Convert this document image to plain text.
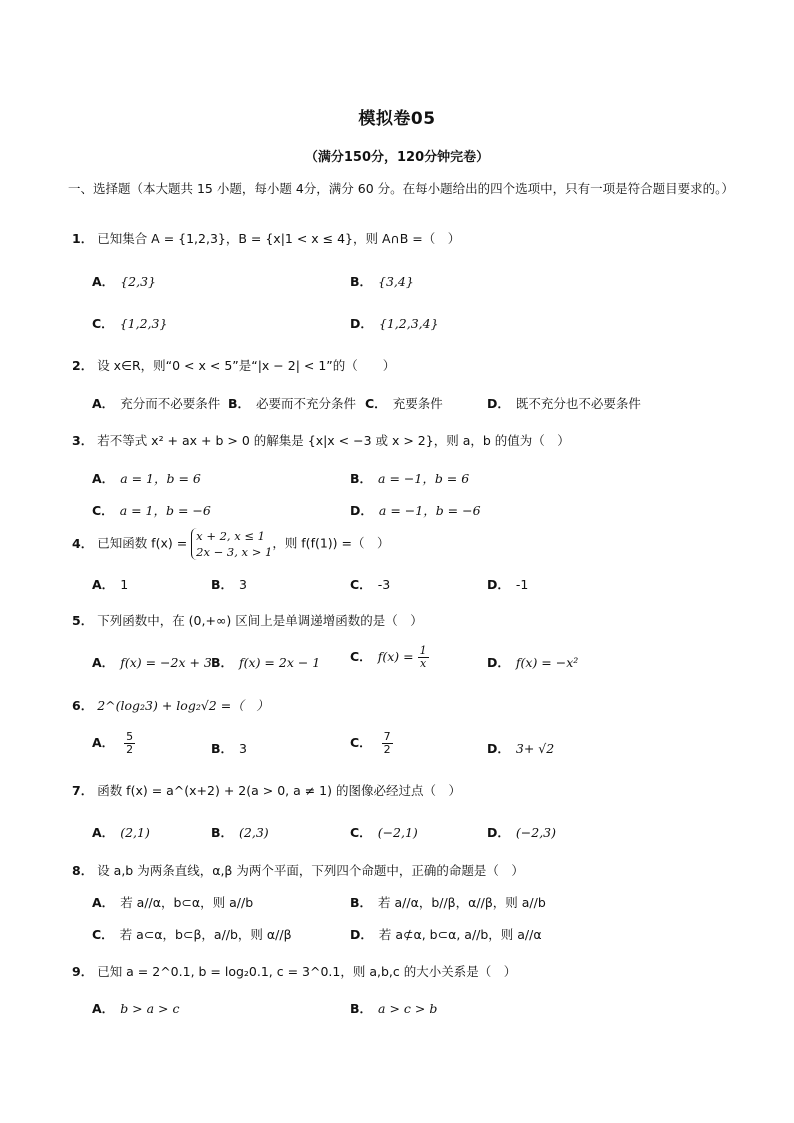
模拟卷05
（满分150分，120分钟完卷）
一、选择题（本大题共 15 小题，每小题 4分，满分 60 分。在每小题给出的四个选项中，只有一项是符合题目要求的。）
1． 已知集合 A = {1,2,3}，B = {x|1 < x ≤ 4}，则 A∩B =（　）
A． {2,3}	B． {3,4}
C． {1,2,3}	D． {1,2,3,4}
2． 设 x∈R，则“0 < x < 5”是“|x − 2| < 1”的（　　）
A． 充分而不必要条件 B． 必要而不充分条件 C． 充要条件	D． 既不充分也不必要条件
3． 若不等式 x² + ax + b > 0 的解集是 {x|x < −3 或 x > 2}，则 a，b 的值为（　）
A． a = 1，b = 6	B． a = −1，b = 6
C． a = 1，b = −6	D． a = −1，b = −6
4． 已知函数 f(x) = x + 2, x ≤ 1
2x − 3, x > 1
，则 f(f(1)) =（　）
A． 1	B． 3	C． -3	D． -1
5． 下列函数中，在 (0,+∞) 区间上是单调递增函数的是（　）
A． f(x) = −2x + 3 B． f(x) = 2x − 1 C． $f(x) = \frac{1}{x}$	D． f(x) = −x²
6． 2^(log₂3) + log₂√2 =（　）
A． $\frac{5}{2}$	B． 3	C． $\frac{7}{2}$	D． 3+ √2
7． 函数 f(x) = a^(x+2) + 2(a > 0, a ≠ 1) 的图像必经过点（　）
A． (2,1)	B． (2,3)	C． (−2,1)	D． (−2,3)
8． 设 a,b 为两条直线，α,β 为两个平面，下列四个命题中，正确的命题是（　）
A． 若 a//α，b⊂α，则 a//b	B． 若 a//α，b//β，α//β，则 a//b
C． 若 a⊂α，b⊂β，a//b，则 α//β	D． 若 a⊄α, b⊂α, a//b，则 a//α
9． 已知 a = 2^0.1, b = log₂0.1, c = 3^0.1，则 a,b,c 的大小关系是（　）
A． b > a > c	B． a > c > b
